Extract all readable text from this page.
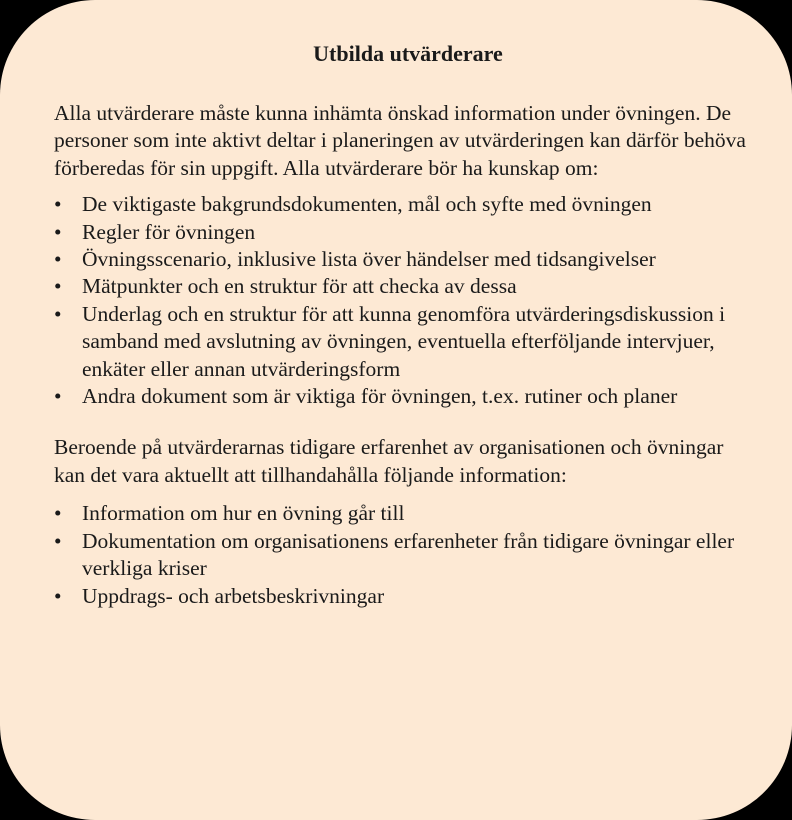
Utbilda utvärderare

Alla utvärderare måste kunna inhämta önskad information under övningen. De personer som inte aktivt deltar i planeringen av utvärderingen kan därför behöva förberedas för sin uppgift. Alla utvärderare bör ha kunskap om:

• De viktigaste bakgrundsdokumenten, mål och syfte med övningen
• Regler för övningen
• Övningsscenario, inklusive lista över händelser med tidsangivelser
• Mätpunkter och en struktur för att checka av dessa
• Underlag och en struktur för att kunna genomföra utvärderingsdiskussion i samband med avslutning av övningen, eventuella efterföljande intervjuer, enkäter eller annan utvärderingsform
• Andra dokument som är viktiga för övningen, t.ex. rutiner och planer

Beroende på utvärderarnas tidigare erfarenhet av organisationen och övningar kan det vara aktuellt att tillhandahålla följande information:

• Information om hur en övning går till
• Dokumentation om organisationens erfarenheter från tidigare övningar eller verkliga kriser
• Uppdrags- och arbetsbeskrivningar
